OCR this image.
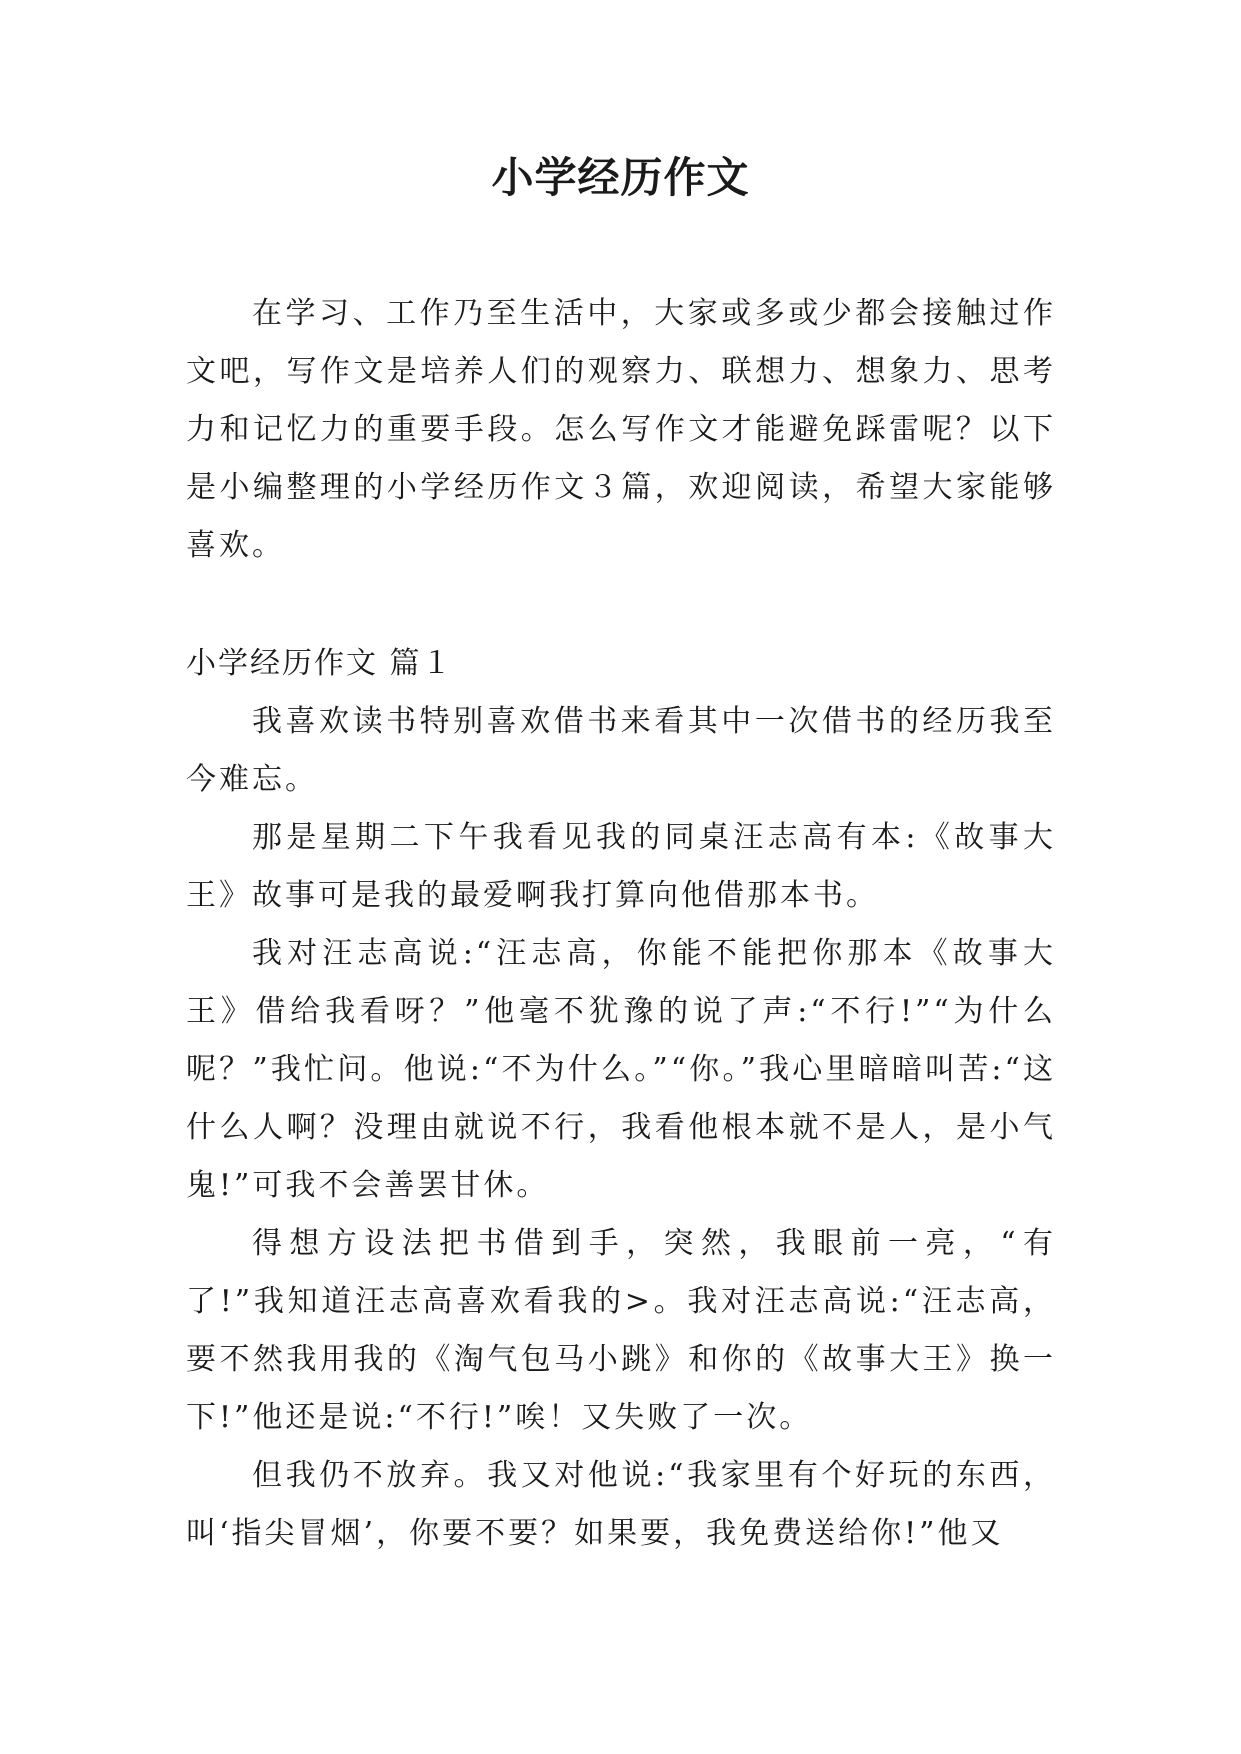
小学经历作文

在学习、工作乃至生活中，大家或多或少都会接触过作文吧，写作文是培养人们的观察力、联想力、想象力、思考力和记忆力的重要手段。怎么写作文才能避免踩雷呢？以下是小编整理的小学经历作文３篇，欢迎阅读，希望大家能够喜欢。

小学经历作文 篇１

我喜欢读书特别喜欢借书来看其中一次借书的经历我至今难忘。

那是星期二下午我看见我的同桌汪志高有本:《故事大王》故事可是我的最爱啊我打算向他借那本书。

我对汪志高说:“汪志高，你能不能把你那本《故事大王》借给我看呀？”他毫不犹豫的说了声:“不行!”“为什么呢？”我忙问。他说:“不为什么。”“你。”我心里暗暗叫苦:“这什么人啊？没理由就说不行，我看他根本就不是人，是小气鬼!”可我不会善罢甘休。

得想方设法把书借到手，突然，我眼前一亮，“有了!”我知道汪志高喜欢看我的>。我对汪志高说:“汪志高，要不然我用我的《淘气包马小跳》和你的《故事大王》换一下!”他还是说:“不行!”唉！又失败了一次。

但我仍不放弃。我又对他说:“我家里有个好玩的东西，叫‘指尖冒烟’，你要不要？如果要，我免费送给你!”他又
